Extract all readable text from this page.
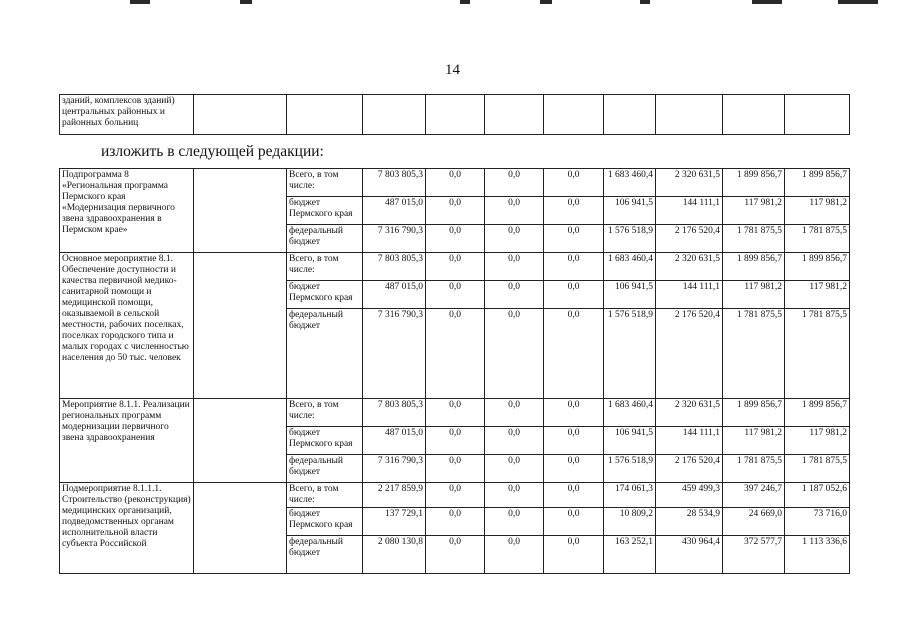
14
зданий, комплексов зданий) центральных районных и районных больниц										
изложить в следующей редакции:
Подпрограмма 8 «Региональная программа Пермского края «Модернизация первичного звена здравоохранения в Пермском крае»		Всего, в том числе:	7 803 805,3	0,0	0,0	0,0	1 683 460,4	2 320 631,5	1 899 856,7	1 899 856,7
		бюджет Пермского края	487 015,0	0,0	0,0	0,0	106 941,5	144 111,1	117 981,2	117 981,2
		федеральный бюджет	7 316 790,3	0,0	0,0	0,0	1 576 518,9	2 176 520,4	1 781 875,5	1 781 875,5
Основное мероприятие 8.1. Обеспечение доступности и качества первичной медико-санитарной помощи и медицинской помощи, оказываемой в сельской местности, рабочих поселках, поселках городского типа и малых городах с численностью населения до 50 тыс. человек		Всего, в том числе:	7 803 805,3	0,0	0,0	0,0	1 683 460,4	2 320 631,5	1 899 856,7	1 899 856,7
		бюджет Пермского края	487 015,0	0,0	0,0	0,0	106 941,5	144 111,1	117 981,2	117 981,2
		федеральный бюджет	7 316 790,3	0,0	0,0	0,0	1 576 518,9	2 176 520,4	1 781 875,5	1 781 875,5
Мероприятие 8.1.1. Реализации региональных программ модернизации первичного звена здравоохранения		Всего, в том числе:	7 803 805,3	0,0	0,0	0,0	1 683 460,4	2 320 631,5	1 899 856,7	1 899 856,7
		бюджет Пермского края	487 015,0	0,0	0,0	0,0	106 941,5	144 111,1	117 981,2	117 981,2
		федеральный бюджет	7 316 790,3	0,0	0,0	0,0	1 576 518,9	2 176 520,4	1 781 875,5	1 781 875,5
Подмероприятие 8.1.1.1. Строительство (реконструкция) медицинских организаций, подведомственных органам исполнительной власти субъекта Российской		Всего, в том числе:	2 217 859,9	0,0	0,0	0,0	174 061,3	459 499,3	397 246,7	1 187 052,6
		бюджет Пермского края	137 729,1	0,0	0,0	0,0	10 809,2	28 534,9	24 669,0	73 716,0
		федеральный бюджет	2 080 130,8	0,0	0,0	0,0	163 252,1	430 964,4	372 577,7	1 113 336,6
